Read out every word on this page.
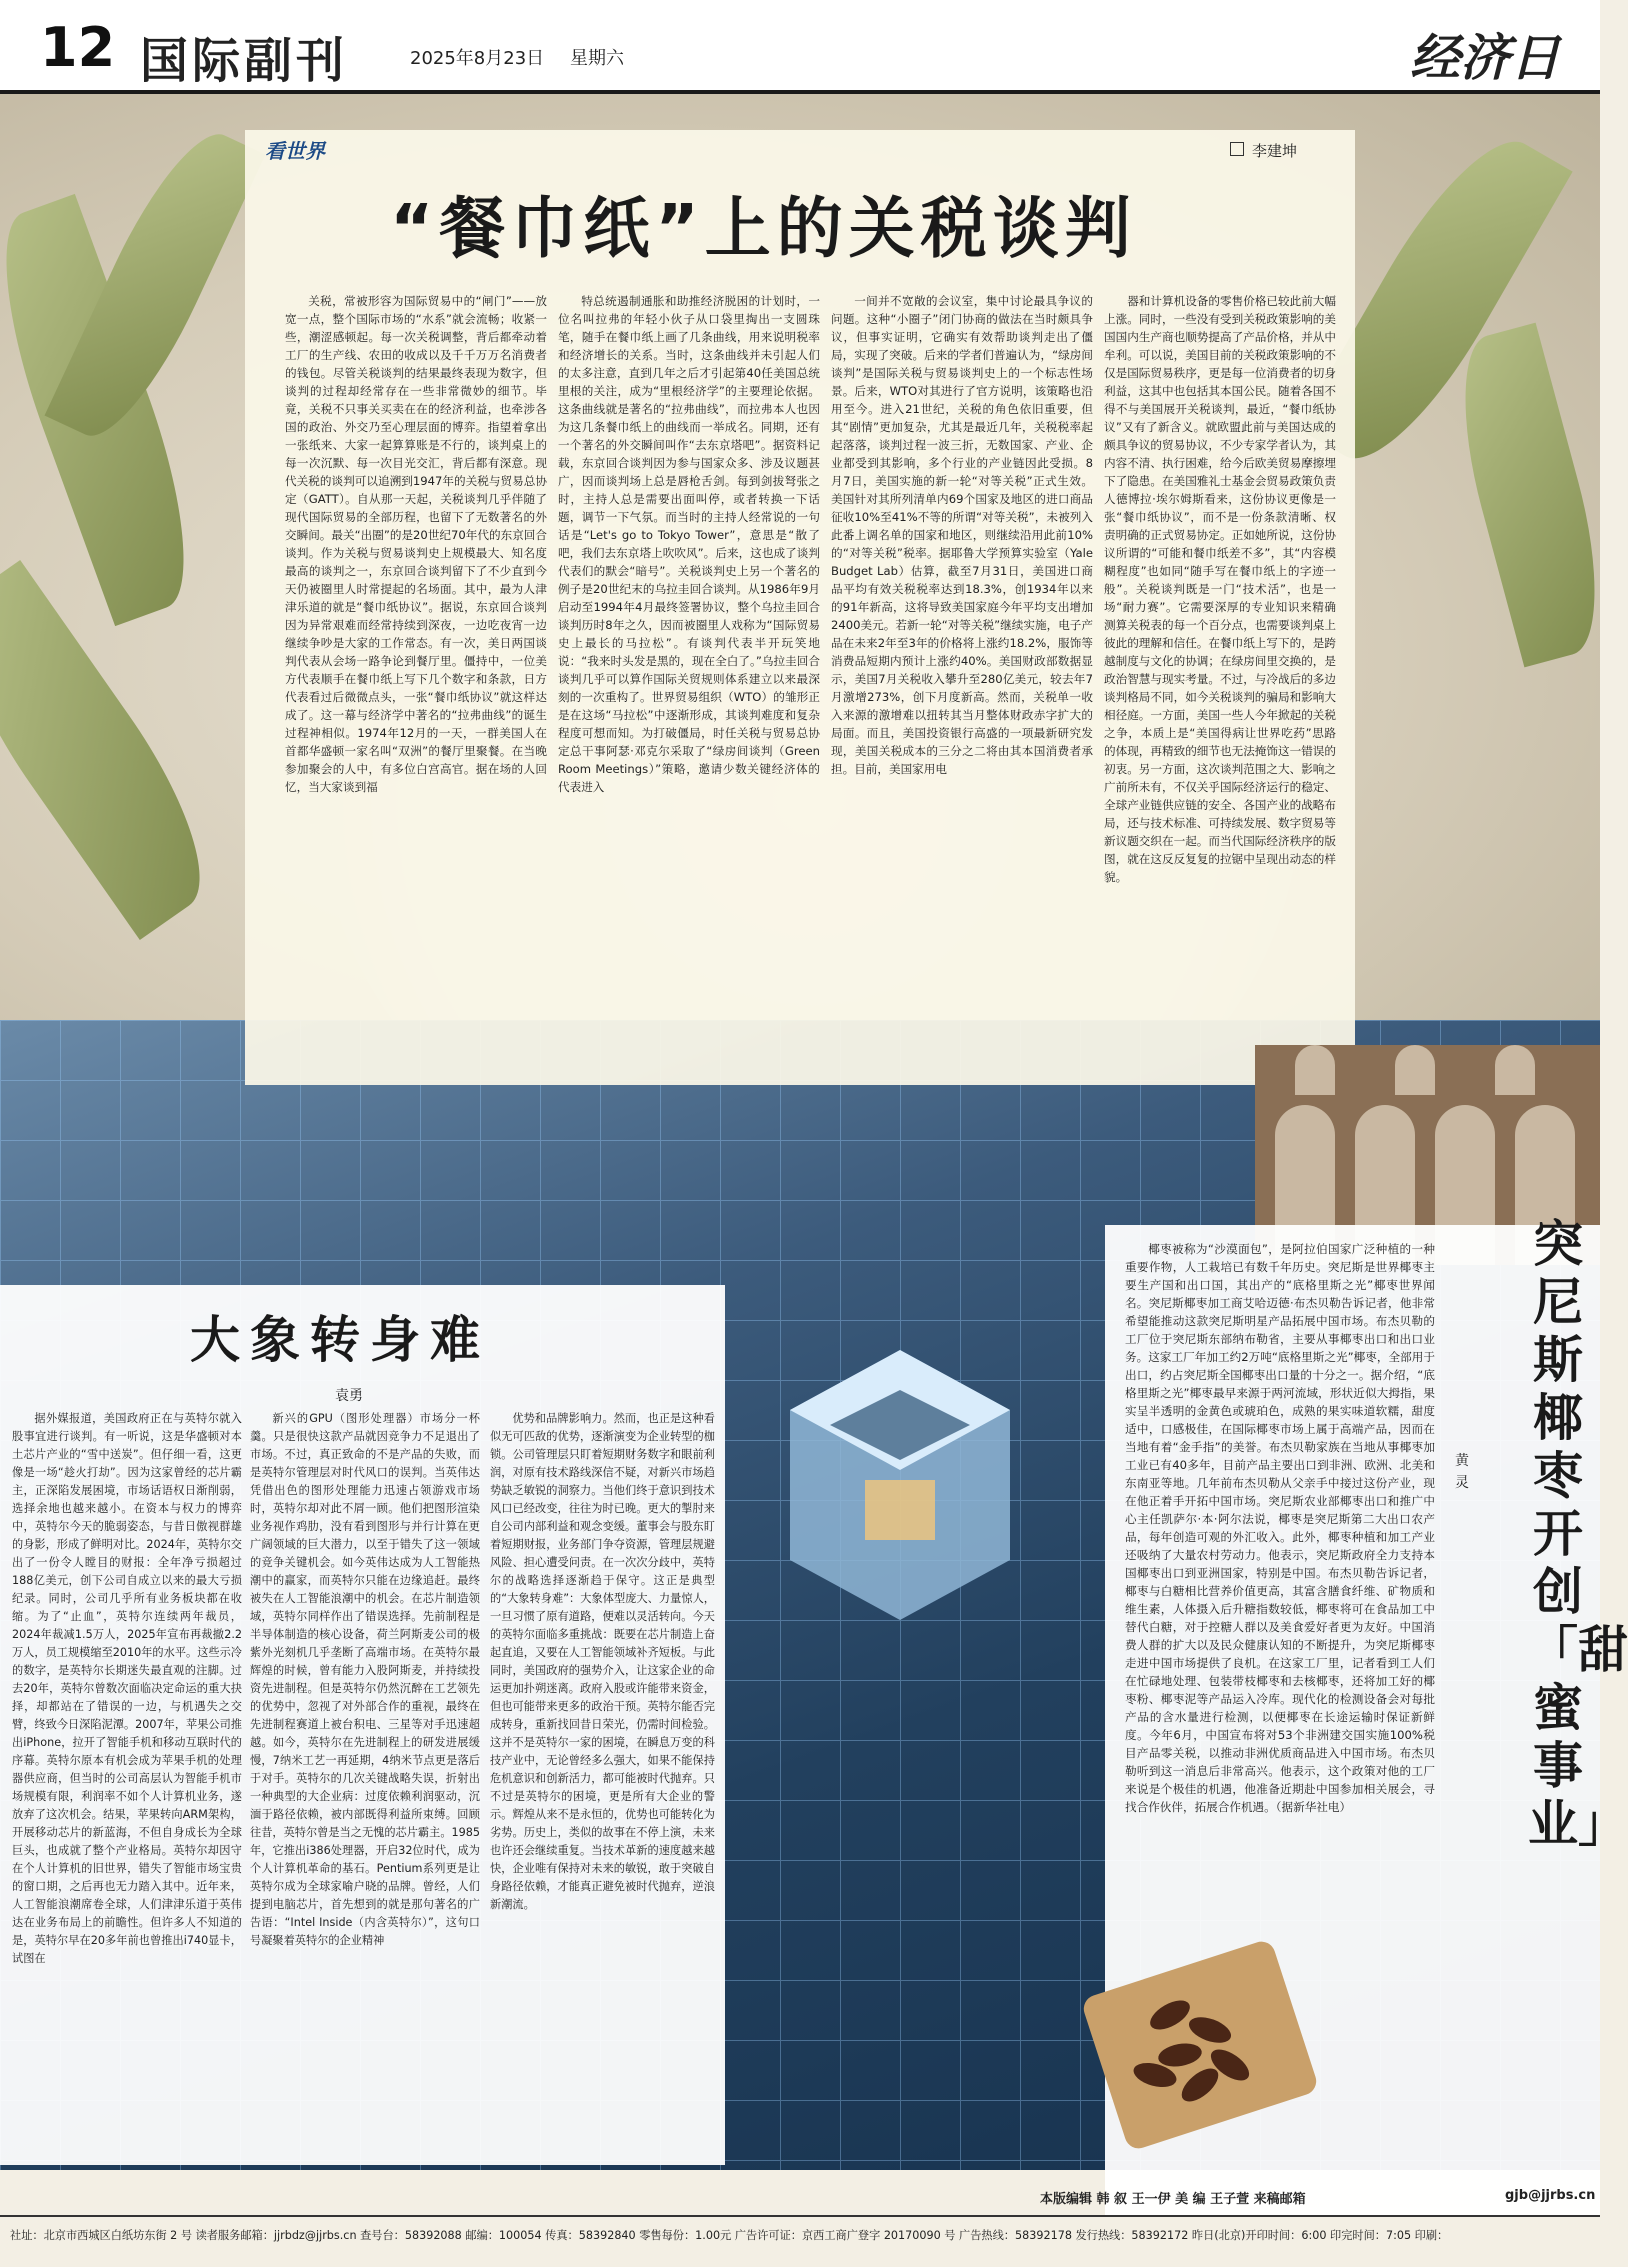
12 国际副刊	2025年8月23日 星期六	经济日
看世界	李建坤
“餐巾纸”上的关税谈判

关税，常被形容为国际贸易中的“闸门”——放宽一点，整个国际市场的“水系”就会流畅；收紧一些，潮涩感顿起。每一次关税调整，背后都牵动着工厂的生产线、农田的收成以及千千万万名消费者的钱包。尽管关税谈判的结果最终表现为数字，但谈判的过程却经常存在一些非常微妙的细节。毕竟，关税不只事关买卖在在的经济利益，也牵涉各国的政治、外交乃至心理层面的博弈。指望着拿出一张纸来、大家一起算算账是不行的，谈判桌上的每一次沉默、每一次目光交汇，背后都有深意。现代关税的谈判可以追溯到1947年的关税与贸易总协定（GATT）。自从那一天起，关税谈判几乎伴随了现代国际贸易的全部历程，也留下了无数著名的外交瞬间。最关“出圈”的是20世纪70年代的东京回合谈判。作为关税与贸易谈判史上规模最大、知名度最高的谈判之一，东京回合谈判留下了不少直到今天仍被圈里人时常提起的名场面。其中，最为人津津乐道的就是“餐巾纸协议”。据说，东京回合谈判因为异常艰难而经常持续到深夜，一边吃夜宵一边继续争吵是大家的工作常态。有一次，美日两国谈判代表从会场一路争论到餐厅里。僵持中，一位美方代表顺手在餐巾纸上写下几个数字和条款，日方代表看过后微微点头，一张“餐巾纸协议”就这样达成了。这一幕与经济学中著名的“拉弗曲线”的诞生过程神相似。1974年12月的一天，一群美国人在首都华盛顿一家名叫“双洲”的餐厅里聚餐。在当晚参加聚会的人中，有多位白宫高官。据在场的人回忆，当大家谈到福

特总统遏制通胀和助推经济脱困的计划时，一位名叫拉弗的年轻小伙子从口袋里掏出一支圆珠笔，随手在餐巾纸上画了几条曲线，用来说明税率和经济增长的关系。当时，这条曲线并未引起人们的太多注意，直到几年之后才引起第40任美国总统里根的关注，成为“里根经济学”的主要理论依据。这条曲线就是著名的“拉弗曲线”，而拉弗本人也因为这几条餐巾纸上的曲线而一举成名。同期，还有一个著名的外交瞬间叫作“去东京塔吧”。据资料记载，东京回合谈判因为参与国家众多、涉及议题甚广，因而谈判场上总是唇枪舌剑。每到剑拔弩张之时，主持人总是需要出面叫停，或者转换一下话题，调节一下气氛。而当时的主持人经常说的一句话是“Let's go to Tokyo Tower”，意思是“散了吧，我们去东京塔上吹吹风”。后来，这也成了谈判代表们的默会“暗号”。关税谈判史上另一个著名的例子是20世纪末的乌拉圭回合谈判。从1986年9月启动至1994年4月最终签署协议，整个乌拉圭回合谈判历时8年之久，因而被圈里人戏称为“国际贸易史上最长的马拉松”。有谈判代表半开玩笑地说：“我来时头发是黑的，现在全白了。”乌拉圭回合谈判几乎可以算作国际关贸规则体系建立以来最深刻的一次重构了。世界贸易组织（WTO）的雏形正是在这场“马拉松”中逐渐形成，其谈判难度和复杂程度可想而知。为打破僵局，时任关税与贸易总协定总干事阿瑟·邓克尔采取了“绿房间谈判（Green Room Meetings）”策略，邀请少数关键经济体的代表进入

一间并不宽敞的会议室，集中讨论最具争议的问题。这种“小圈子”闭门协商的做法在当时颇具争议，但事实证明，它确实有效帮助谈判走出了僵局，实现了突破。后来的学者们普遍认为，“绿房间谈判”是国际关税与贸易谈判史上的一个标志性场景。后来，WTO对其进行了官方说明，该策略也沿用至今。进入21世纪，关税的角色依旧重要，但其“剧情”更加复杂，尤其是最近几年，关税税率起起落落，谈判过程一波三折，无数国家、产业、企业都受到其影响，多个行业的产业链因此受损。8月7日，美国实施的新一轮“对等关税”正式生效。美国针对其所列清单内69个国家及地区的进口商品征收10%至41%不等的所谓“对等关税”，未被列入此番上调名单的国家和地区，则继续沿用此前10%的“对等关税”税率。据耶鲁大学预算实验室（Yale Budget Lab）估算，截至7月31日，美国进口商品平均有效关税税率达到18.3%，创1934年以来的91年新高，这将导致美国家庭今年平均支出增加2400美元。若新一轮“对等关税”继续实施，电子产品在未来2年至3年的价格将上涨约18.2%，服饰等消费品短期内预计上涨约40%。美国财政部数据显示，美国7月关税收入攀升至280亿美元，较去年7月激增273%，创下月度新高。然而，关税单一收入来源的激增难以扭转其当月整体财政赤字扩大的局面。而且，美国投资银行高盛的一项最新研究发现，美国关税成本的三分之二将由其本国消费者承担。目前，美国家用电

器和计算机设备的零售价格已较此前大幅上涨。同时，一些没有受到关税政策影响的美国国内生产商也顺势提高了产品价格，并从中牟利。可以说，美国目前的关税政策影响的不仅是国际贸易秩序，更是每一位消费者的切身利益，这其中也包括其本国公民。随着各国不得不与美国展开关税谈判，最近，“餐巾纸协议”又有了新含义。就欧盟此前与美国达成的颇具争议的贸易协议，不少专家学者认为，其内容不清、执行困难，给今后欧美贸易摩擦埋下了隐患。在美国雅礼士基金会贸易政策负责人德博拉·埃尔姆斯看来，这份协议更像是一张“餐巾纸协议”，而不是一份条款清晰、权责明确的正式贸易协定。正如她所说，这份协议所谓的“可能和餐巾纸差不多”，其“内容模糊程度”也如同“随手写在餐巾纸上的字迹一般”。关税谈判既是一门“技术活”，也是一场“耐力赛”。它需要深厚的专业知识来精确测算关税表的每一个百分点，也需要谈判桌上彼此的理解和信任。在餐巾纸上写下的，是跨越制度与文化的协调；在绿房间里交换的，是政治智慧与现实考量。不过，与冷战后的多边谈判格局不同，如今关税谈判的骗局和影响大相径庭。一方面，美国一些人今年掀起的关税之争，本质上是“美国得病让世界吃药”思路的体现，再精致的细节也无法掩饰这一错误的初衷。另一方面，这次谈判范围之大、影响之广前所未有，不仅关乎国际经济运行的稳定、全球产业链供应链的安全、各国产业的战略布局，还与技术标准、可持续发展、数字贸易等新议题交织在一起。而当代国际经济秩序的版图，就在这反反复复的拉锯中呈现出动态的样貌。

大象转身难
袁勇

据外媒报道，美国政府正在与英特尔就入股事宜进行谈判。有一听说，这是华盛顿对本土芯片产业的“雪中送炭”。但仔细一看，这更像是一场“趁火打劫”。因为这家曾经的芯片霸主，正深陷发展困境，市场话语权日渐削弱，选择余地也越来越小。在资本与权力的博弈中，英特尔今天的脆弱姿态，与昔日傲视群雄的身影，形成了鲜明对比。2024年，英特尔交出了一份令人瞠目的财报：全年净亏损超过188亿美元，创下公司自成立以来的最大亏损纪录。同时，公司几乎所有业务板块都在收缩。为了“止血”，英特尔连续两年裁员，2024年裁减1.5万人，2025年宣布再裁撤2.2万人，员工规模缩至2010年的水平。这些示冷的数字，是英特尔长期迷失最直观的注脚。过去20年，英特尔曾数次面临决定命运的重大抉择，却都站在了错误的一边，与机遇失之交臂，终致今日深陷泥潭。2007年，苹果公司推出iPhone，拉开了智能手机和移动互联时代的序幕。英特尔原本有机会成为苹果手机的处理器供应商，但当时的公司高层认为智能手机市场规模有限，利润率不如个人计算机业务，遂放弃了这次机会。结果，苹果转向ARM架构，开展移动芯片的新蓝海，不但自身成长为全球巨头，也成就了整个产业格局。英特尔却因守在个人计算机的旧世界，错失了智能市场宝贵的窗口期，之后再也无力踏入其中。近年来，人工智能浪潮席卷全球，人们津津乐道于英伟达在业务布局上的前瞻性。但许多人不知道的是，英特尔早在20多年前也曾推出i740显卡，试图在

新兴的GPU（图形处理器）市场分一杯羹。只是很快这款产品就因竞争力不足退出了市场。不过，真正致命的不是产品的失败，而是英特尔管理层对时代风口的误判。当英伟达凭借出色的图形处理能力迅速占领游戏市场时，英特尔却对此不屑一顾。他们把图形渲染业务视作鸡肋，没有看到图形与并行计算在更广阔领域的巨大潜力，以至于错失了这一领域的竞争关键机会。如今英伟达成为人工智能热潮中的赢家，而英特尔只能在边缘追赶。最终被失在人工智能浪潮中的机会。在芯片制造领域，英特尔同样作出了错误选择。先前制程是半导体制造的核心设备，荷兰阿斯麦公司的极紫外光刻机几乎垄断了高端市场。在英特尔最辉煌的时候，曾有能力入股阿斯麦，并持续投资先进制程。但是英特尔仍然沉醉在工艺领先的优势中，忽视了对外部合作的重视，最终在先进制程赛道上被台积电、三星等对手迅速超越。如今，英特尔在先进制程上的研发进展缓慢，7纳米工艺一再延期，4纳米节点更是落后于对手。英特尔的几次关键战略失误，折射出一种典型的大企业病：过度依赖利润驱动，沉湎于路径依赖，被内部既得利益所束缚。回顾往昔，英特尔曾是当之无愧的芯片霸主。1985年，它推出i386处理器，开启32位时代，成为个人计算机革命的基石。Pentium系列更是让英特尔成为全球家喻户晓的品牌。曾经，人们提到电脑芯片，首先想到的就是那句著名的广告语：“Intel Inside（内含英特尔）”，这句口号凝聚着英特尔的企业精神

优势和品牌影响力。然而，也正是这种看似无可匹敌的优势，逐渐演变为企业转型的枷锁。公司管理层只盯着短期财务数字和眼前利润，对原有技术路线深信不疑，对新兴市场趋势缺乏敏锐的洞察力。当他们终于意识到技术风口已经改变，往往为时已晚。更大的掣肘来自公司内部利益和观念变缓。董事会与股东盯着短期财报，业务部门争夺资源，管理层规避风险、担心遭受问责。在一次次分歧中，英特尔的战略选择逐渐趋于保守。这正是典型的“大象转身难”：大象体型庞大、力量惊人，一旦习惯了原有道路，便难以灵活转向。今天的英特尔面临多重挑战：既要在芯片制造上奋起直追，又要在人工智能领域补齐短板。与此同时，美国政府的强势介入，让这家企业的命运更加扑朔迷离。政府入股或许能带来资金，但也可能带来更多的政治干预。英特尔能否完成转身，重新找回昔日荣光，仍需时间检验。这并不是英特尔一家的困境，在瞬息万变的科技产业中，无论曾经多么强大，如果不能保持危机意识和创新活力，都可能被时代抛弃。只不过是英特尔的困境，更是所有大企业的警示。辉煌从来不是永恒的，优势也可能转化为劣势。历史上，类似的故事在不停上演，未来也许还会继续重复。当技术革新的速度越来越快，企业唯有保持对未来的敏锐，敢于突破自身路径依赖，才能真正避免被时代抛弃，逆浪新潮流。

突尼斯椰枣开创「甜蜜事业」
黄灵

椰枣被称为“沙漠面包”，是阿拉伯国家广泛种植的一种重要作物，人工栽培已有数千年历史。突尼斯是世界椰枣主要生产国和出口国，其出产的“底格里斯之光”椰枣世界闻名。突尼斯椰枣加工商艾哈迈德·布杰贝勒告诉记者，他非常希望能推动这款突尼斯明星产品拓展中国市场。布杰贝勒的工厂位于突尼斯东部纳布勒省，主要从事椰枣出口和出口业务。这家工厂年加工约2万吨“底格里斯之光”椰枣，全部用于出口，约占突尼斯全国椰枣出口量的十分之一。据介绍，“底格里斯之光”椰枣最早来源于两河流域，形状近似大拇指，果实呈半透明的金黄色或琥珀色，成熟的果实味道软糯，甜度适中，口感极佳，在国际椰枣市场上属于高端产品，因而在当地有着“金手指”的美誉。布杰贝勒家族在当地从事椰枣加工业已有40多年，目前产品主要出口到非洲、欧洲、北美和东南亚等地。几年前布杰贝勒从父亲手中接过这份产业，现在他正着手开拓中国市场。突尼斯农业部椰枣出口和推广中心主任凯萨尔·本·阿尔法说，椰枣是突尼斯第二大出口农产品，每年创造可观的外汇收入。此外，椰枣种植和加工产业还吸纳了大量农村劳动力。他表示，突尼斯政府全力支持本国椰枣出口到亚洲国家，特别是中国。布杰贝勒告诉记者，椰枣与白糖相比营养价值更高，其富含膳食纤维、矿物质和维生素，人体摄入后升糖指数较低，椰枣将可在食品加工中替代白糖，对于控糖人群以及美食爱好者更为友好。中国消费人群的扩大以及民众健康认知的不断提升，为突尼斯椰枣走进中国市场提供了良机。在这家工厂里，记者看到工人们在忙碌地处理、包装带枝椰枣和去核椰枣，还将加工好的椰枣粉、椰枣泥等产品运入冷库。现代化的检测设备会对每批产品的含水量进行检测，以便椰枣在长途运输时保证新鲜度。今年6月，中国宣布将对53个非洲建交国实施100%税目产品零关税，以推动非洲优质商品进入中国市场。布杰贝勒听到这一消息后非常高兴。他表示，这个政策对他的工厂来说是个极佳的机遇，他准备近期赴中国参加相关展会，寻找合作伙伴，拓展合作机遇。（据新华社电）

本版编辑 韩 叙 王一伊 美 编 王子萱 来稿邮箱	gjb@jjrbs.cn
社址：北京市西城区白纸坊东街 2 号 读者服务邮箱：jjrbdz@jjrbs.cn 查号台：58392088 邮编：100054 传真：58392840 零售每份：1.00元 广告许可证：京西工商广登字 20170090 号 广告热线：58392178 发行热线：58392172 昨日(北京)开印时间：6:00 印完时间：7:05 印刷：
